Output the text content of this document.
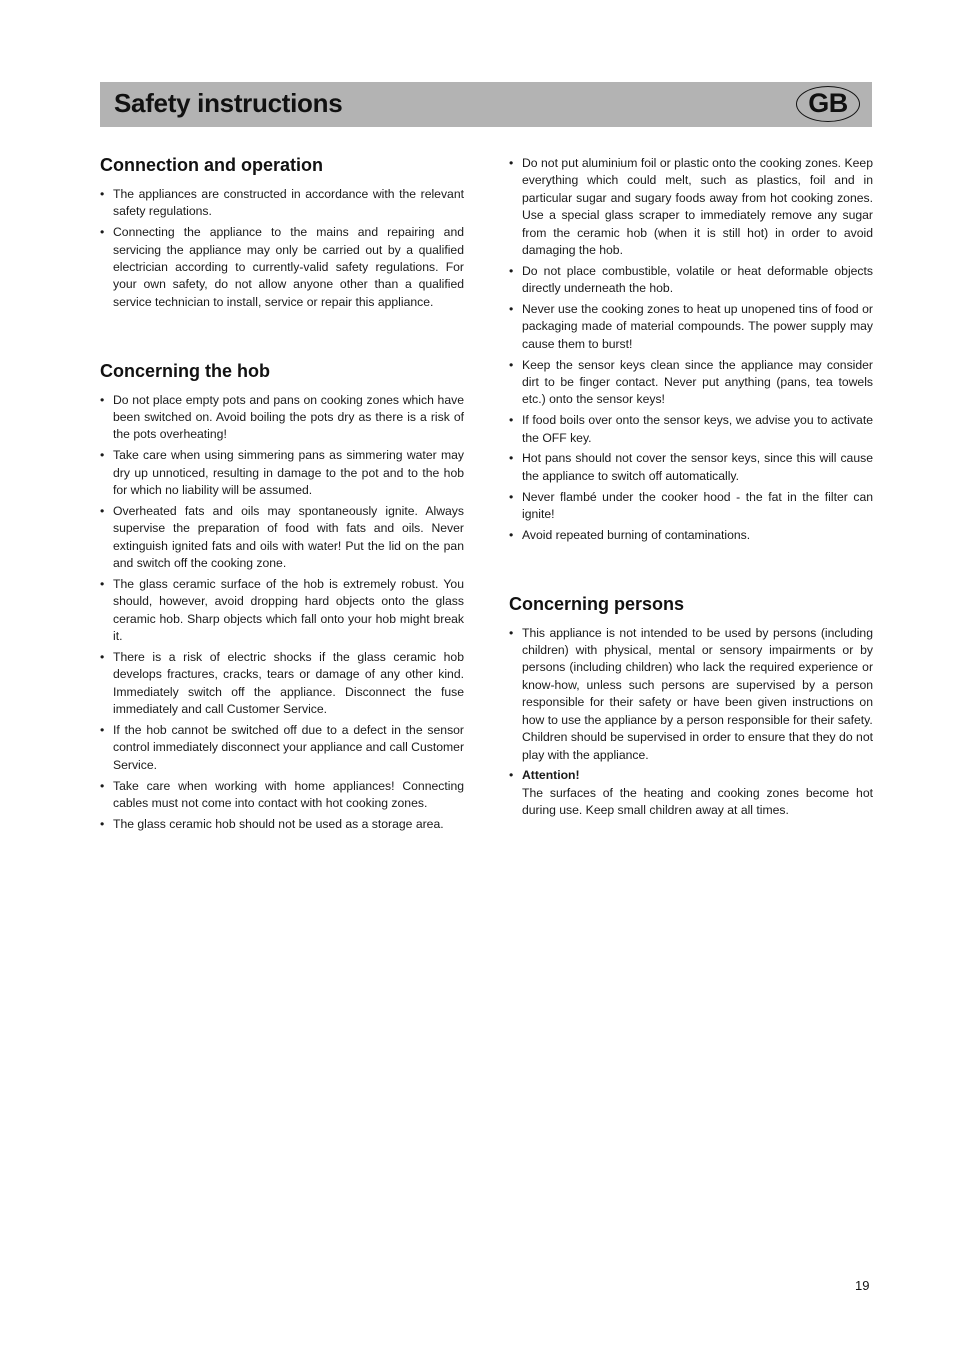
Safety instructions	GB
Connection and operation
• The appliances are constructed in accordance with the relevant safety regulations.
• Connecting the appliance to the mains and repairing and servicing the appliance may only be carried out by a qualified electrician according to currently-valid safety regulations. For your own safety, do not allow anyone other than a qualified service technician to install, service or repair this appliance.
Concerning the hob
• Do not place empty pots and pans on cooking zones which have been switched on. Avoid boiling the pots dry as there is a risk of the pots overheating!
• Take care when using simmering pans as simmering water may dry up unnoticed, resulting in damage to the pot and to the hob for which no liability will be assumed.
• Overheated fats and oils may spontaneously ignite. Always supervise the preparation of food with fats and oils. Never extinguish ignited fats and oils with water! Put the lid on the pan and switch off the cooking zone.
• The glass ceramic surface of the hob is extremely robust. You should, however, avoid dropping hard objects onto the glass ceramic hob. Sharp objects which fall onto your hob might break it.
• There is a risk of electric shocks if the glass ceramic hob develops fractures, cracks, tears or damage of any other kind. Immediately switch off the appliance. Disconnect the fuse immediately and call Customer Service.
• If the hob cannot be switched off due to a defect in the sensor control immediately disconnect your appliance and call Customer Service.
• Take care when working with home appliances! Connecting cables must not come into contact with hot cooking zones.
• The glass ceramic hob should not be used as a storage area.
• Do not put aluminium foil or plastic onto the cooking zones. Keep everything which could melt, such as plastics, foil and in particular sugar and sugary foods away from hot cooking zones. Use a special glass scraper to immediately remove any sugar from the ceramic hob (when it is still hot) in order to avoid damaging the hob.
• Do not place combustible, volatile or heat deformable objects directly underneath the hob.
• Never use the cooking zones to heat up unopened tins of food or packaging made of material compounds. The power supply may cause them to burst!
• Keep the sensor keys clean since the appliance may consider dirt to be finger contact. Never put anything (pans, tea towels etc.) onto the sensor keys!
• If food boils over onto the sensor keys, we advise you to activate the OFF key.
• Hot pans should not cover the sensor keys, since this will cause the appliance to switch off automatically.
• Never flambé under the cooker hood - the fat in the filter can ignite!
• Avoid repeated burning of contaminations.
Concerning persons
• This appliance is not intended to be used by persons (including children) with physical, mental or sensory impairments or by persons (including children) who lack the required experience or know-how, unless such persons are supervised by a person responsible for their safety or have been given instructions on how to use the appliance by a person responsible for their safety.

Children should be supervised in order to ensure that they do not play with the appliance.

• Attention!

The surfaces of the heating and cooking zones become hot during use. Keep small children away at all times.

19
